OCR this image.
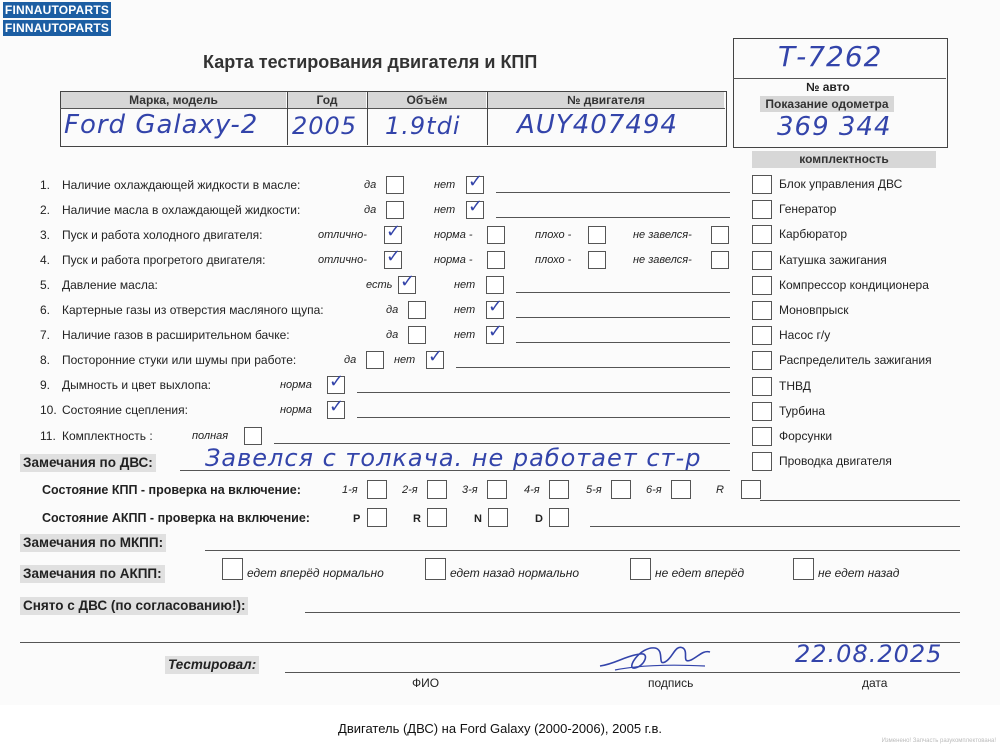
FINNAUTOPARTS
FINNAUTOPARTS
Карта тестирования двигателя и КПП	Т-7262
№ авто
Показание одометра
369 344
Марка, модель	Год	Объём	№ двигателя
Ford Galaxy-2 2005 1.9tdi AUY407494
комплектность
1. Наличие охлаждающей жидкости в масле:	да	нет ✓
2. Наличие масла в охлаждающей жидкости:	да	нет ✓
3. Пуск и работа холодного двигателя:	отлично- ✓	норма -	плохо -	не завелся-
4. Пуск и работа прогретого двигателя:	отлично- ✓	норма -	плохо -	не завелся-
5. Давление масла:	есть ✓	нет
6. Картерные газы из отверстия масляного щупа:	да	нет ✓
7. Наличие газов в расширительном бачке:	да	нет ✓
8. Посторонние стуки или шумы при работе:	да	нет ✓
9. Дымность и цвет выхлопа:	норма ✓
10. Состояние сцепления:	норма ✓
11. Комплектность :	полная
Блок управления ДВС
Генератор
Карбюратор
Катушка зажигания
Компрессор кондиционера
Моновпрыск
Насос г/у
Распределитель зажигания
ТНВД
Турбина
Форсунки
Проводка двигателя
Замечания по ДВС: Завелся с толкача. не работает ст-р
Состояние КПП - проверка на включение:	1-я	2-я	3-я	4-я	5-я	6-я	R
Состояние АКПП - проверка на включение:	P	R	N	D
Замечания по МКПП:
Замечания по АКПП:	едет вперёд нормально	едет назад нормально	не едет вперёд	не едет назад
Снято с ДВС (по согласованию!):
Тестировал:
ФИО	подпись	дата
22.08.2025
Двигатель (ДВС) на Ford Galaxy (2000-2006), 2005 г.в.
Изменено! Запчасть разукомплектована!
